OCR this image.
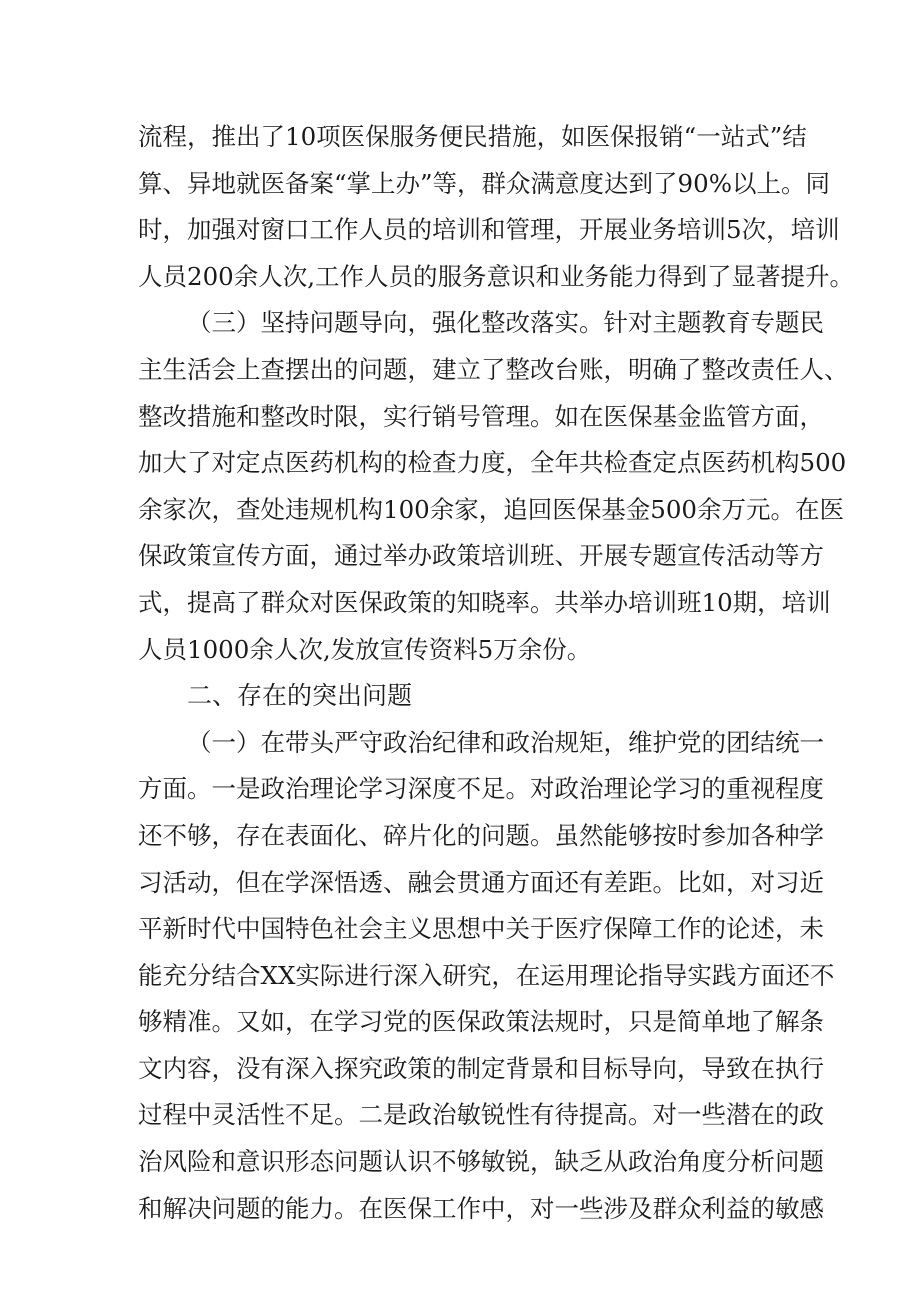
流程，推出了10项医保服务便民措施，如医保报销“一站式”结
算、异地就医备案“掌上办”等，群众满意度达到了90%以上。同
时，加强对窗口工作人员的培训和管理，开展业务培训5次，培训
人员200余人次,工作人员的服务意识和业务能力得到了显著提升。
（三）坚持问题导向，强化整改落实。针对主题教育专题民
主生活会上查摆出的问题，建立了整改台账，明确了整改责任人、
整改措施和整改时限，实行销号管理。如在医保基金监管方面，
加大了对定点医药机构的检查力度，全年共检查定点医药机构500
余家次，查处违规机构100余家，追回医保基金500余万元。在医
保政策宣传方面，通过举办政策培训班、开展专题宣传活动等方
式，提高了群众对医保政策的知晓率。共举办培训班10期，培训
人员1000余人次,发放宣传资料5万余份。
二、存在的突出问题
（一）在带头严守政治纪律和政治规矩，维护党的团结统一
方面。一是政治理论学习深度不足。对政治理论学习的重视程度
还不够，存在表面化、碎片化的问题。虽然能够按时参加各种学
习活动，但在学深悟透、融会贯通方面还有差距。比如，对习近
平新时代中国特色社会主义思想中关于医疗保障工作的论述，未
能充分结合XX实际进行深入研究，在运用理论指导实践方面还不
够精准。又如，在学习党的医保政策法规时，只是简单地了解条
文内容，没有深入探究政策的制定背景和目标导向，导致在执行
过程中灵活性不足。二是政治敏锐性有待提高。对一些潜在的政
治风险和意识形态问题认识不够敏锐，缺乏从政治角度分析问题
和解决问题的能力。在医保工作中，对一些涉及群众利益的敏感
